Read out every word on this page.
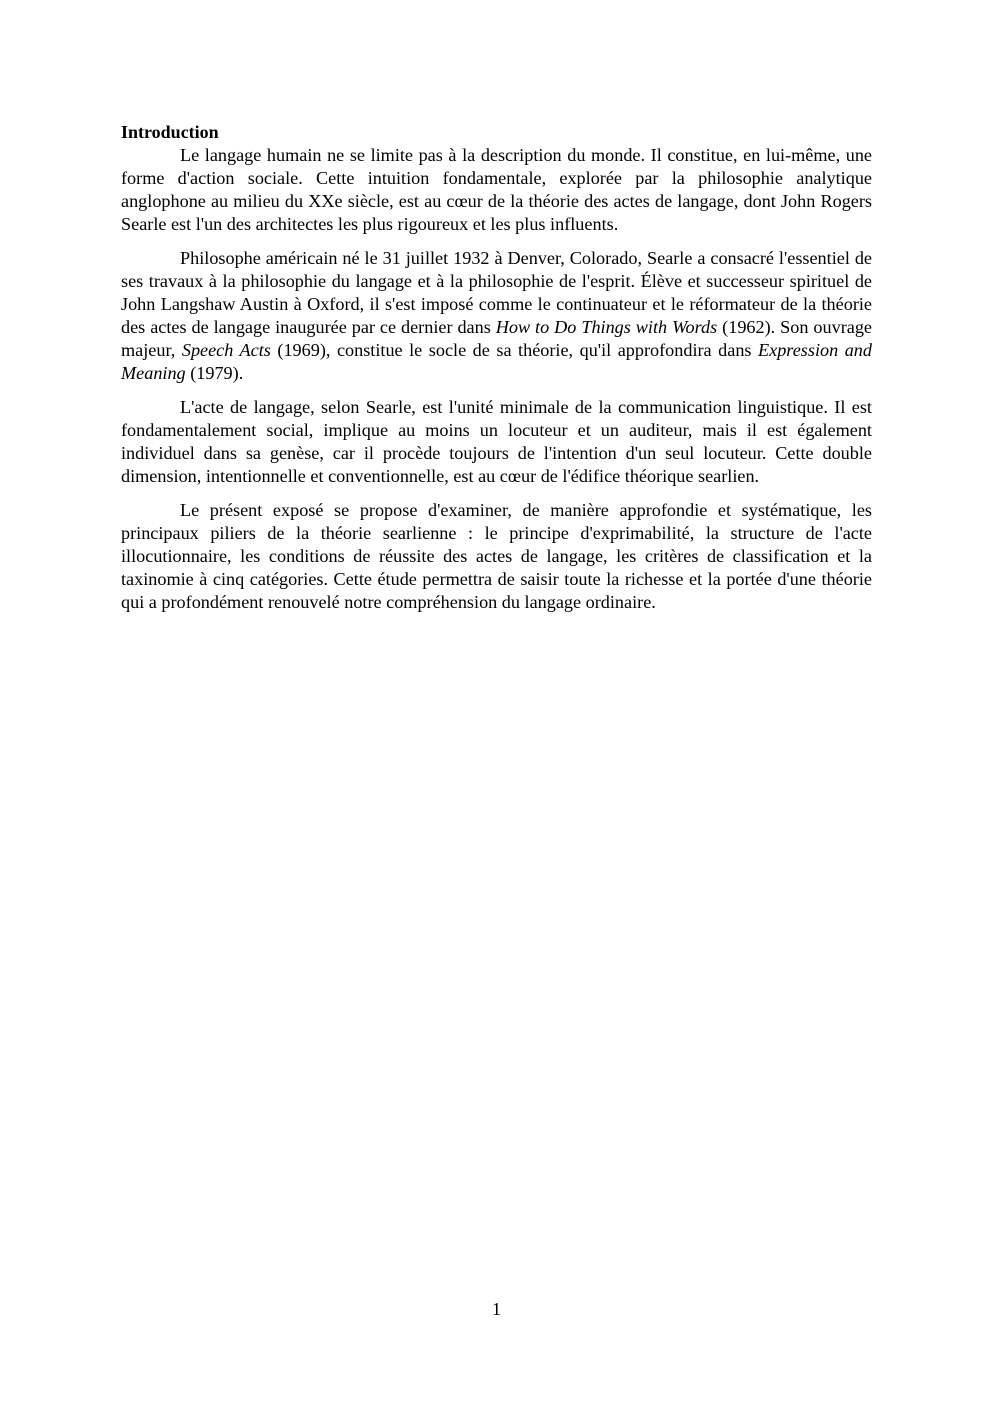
Introduction

Le langage humain ne se limite pas à la description du monde. Il constitue, en lui-même, une forme d'action sociale. Cette intuition fondamentale, explorée par la philosophie analytique anglophone au milieu du XXe siècle, est au cœur de la théorie des actes de langage, dont John Rogers Searle est l'un des architectes les plus rigoureux et les plus influents.

Philosophe américain né le 31 juillet 1932 à Denver, Colorado, Searle a consacré l'essentiel de ses travaux à la philosophie du langage et à la philosophie de l'esprit. Élève et successeur spirituel de John Langshaw Austin à Oxford, il s'est imposé comme le continuateur et le réformateur de la théorie des actes de langage inaugurée par ce dernier dans How to Do Things with Words (1962). Son ouvrage majeur, Speech Acts (1969), constitue le socle de sa théorie, qu'il approfondira dans Expression and Meaning (1979).

L'acte de langage, selon Searle, est l'unité minimale de la communication linguistique. Il est fondamentalement social, implique au moins un locuteur et un auditeur, mais il est également individuel dans sa genèse, car il procède toujours de l'intention d'un seul locuteur. Cette double dimension, intentionnelle et conventionnelle, est au cœur de l'édifice théorique searlien.

Le présent exposé se propose d'examiner, de manière approfondie et systématique, les principaux piliers de la théorie searlienne : le principe d'exprimabilité, la structure de l'acte illocutionnaire, les conditions de réussite des actes de langage, les critères de classification et la taxinomie à cinq catégories. Cette étude permettra de saisir toute la richesse et la portée d'une théorie qui a profondément renouvelé notre compréhension du langage ordinaire.

1
